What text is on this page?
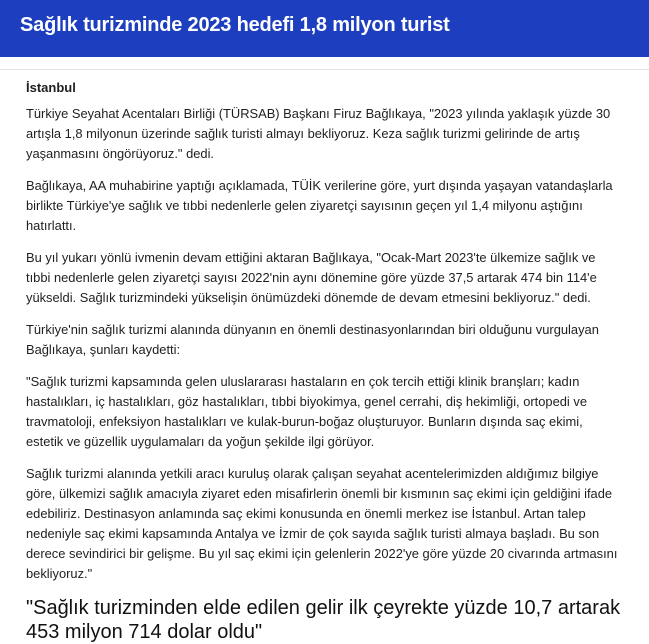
Sağlık turizminde 2023 hedefi 1,8 milyon turist
İstanbul

Türkiye Seyahat Acentaları Birliği (TÜRSAB) Başkanı Firuz Bağlıkaya, "2023 yılında yaklaşık yüzde 30 artışla 1,8 milyonun üzerinde sağlık turisti almayı bekliyoruz. Keza sağlık turizmi gelirinde de artış yaşanmasını öngörüyoruz." dedi.

Bağlıkaya, AA muhabirine yaptığı açıklamada, TÜİK verilerine göre, yurt dışında yaşayan vatandaşlarla birlikte Türkiye'ye sağlık ve tıbbi nedenlerle gelen ziyaretçi sayısının geçen yıl 1,4 milyonu aştığını hatırlattı.

Bu yıl yukarı yönlü ivmenin devam ettiğini aktaran Bağlıkaya, "Ocak-Mart 2023'te ülkemize sağlık ve tıbbi nedenlerle gelen ziyaretçi sayısı 2022'nin aynı dönemine göre yüzde 37,5 artarak 474 bin 114'e yükseldi. Sağlık turizmindeki yükselişin önümüzdeki dönemde de devam etmesini bekliyoruz." dedi.

Türkiye'nin sağlık turizmi alanında dünyanın en önemli destinasyonlarından biri olduğunu vurgulayan Bağlıkaya, şunları kaydetti:

"Sağlık turizmi kapsamında gelen uluslararası hastaların en çok tercih ettiği klinik branşları; kadın hastalıkları, iç hastalıkları, göz hastalıkları, tıbbi biyokimya, genel cerrahi, diş hekimliği, ortopedi ve travmatoloji, enfeksiyon hastalıkları ve kulak-burun-boğaz oluşturuyor. Bunların dışında saç ekimi, estetik ve güzellik uygulamaları da yoğun şekilde ilgi görüyor.

Sağlık turizmi alanında yetkili aracı kuruluş olarak çalışan seyahat acentelerimizden aldığımız bilgiye göre, ülkemizi sağlık amacıyla ziyaret eden misafirlerin önemli bir kısmının saç ekimi için geldiğini ifade edebiliriz. Destinasyon anlamında saç ekimi konusunda en önemli merkez ise İstanbul. Artan talep nedeniyle saç ekimi kapsamında Antalya ve İzmir de çok sayıda sağlık turisti almaya başladı. Bu son derece sevindirici bir gelişme. Bu yıl saç ekimi için gelenlerin 2022'ye göre yüzde 20 civarında artmasını bekliyoruz."

"Sağlık turizminden elde edilen gelir ilk çeyrekte yüzde 10,7 artarak 453 milyon 714 dolar oldu"
